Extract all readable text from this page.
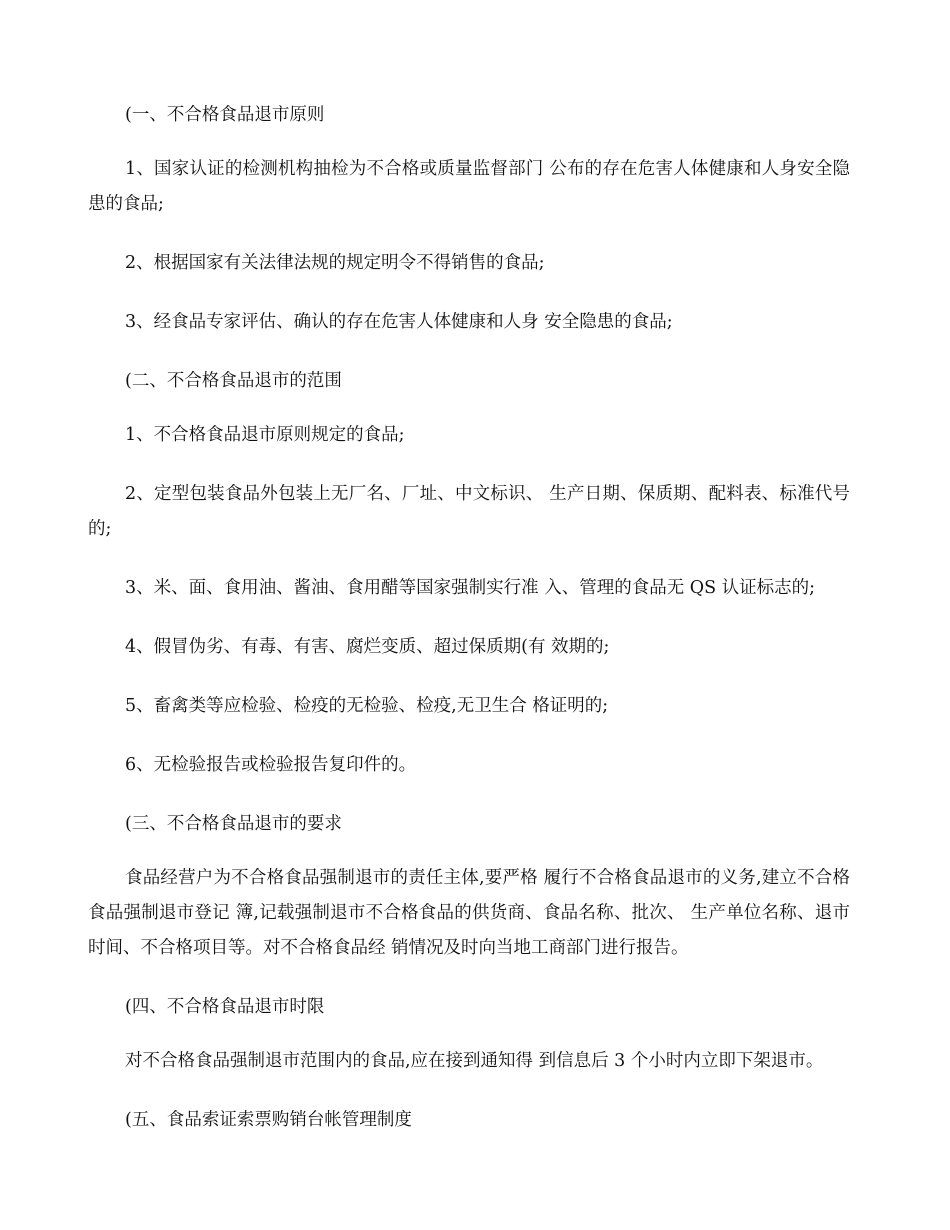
(一、不合格食品退市原则

1、国家认证的检测机构抽检为不合格或质量监督部门 公布的存在危害人体健康和人身安全隐患的食品;

2、根据国家有关法律法规的规定明令不得销售的食品;

3、经食品专家评估、确认的存在危害人体健康和人身 安全隐患的食品;

(二、不合格食品退市的范围

1、不合格食品退市原则规定的食品;

2、定型包装食品外包装上无厂名、厂址、中文标识、 生产日期、保质期、配料表、标准代号的;

3、米、面、食用油、酱油、食用醋等国家强制实行准 入、管理的食品无 QS 认证标志的;

4、假冒伪劣、有毒、有害、腐烂变质、超过保质期(有 效期的;

5、畜禽类等应检验、检疫的无检验、检疫,无卫生合 格证明的;

6、无检验报告或检验报告复印件的。

(三、不合格食品退市的要求

食品经营户为不合格食品强制退市的责任主体,要严格 履行不合格食品退市的义务,建立不合格食品强制退市登记 簿,记载强制退市不合格食品的供货商、食品名称、批次、 生产单位名称、退市时间、不合格项目等。对不合格食品经 销情况及时向当地工商部门进行报告。

(四、不合格食品退市时限

对不合格食品强制退市范围内的食品,应在接到通知得 到信息后 3 个小时内立即下架退市。

(五、食品索证索票购销台帐管理制度
